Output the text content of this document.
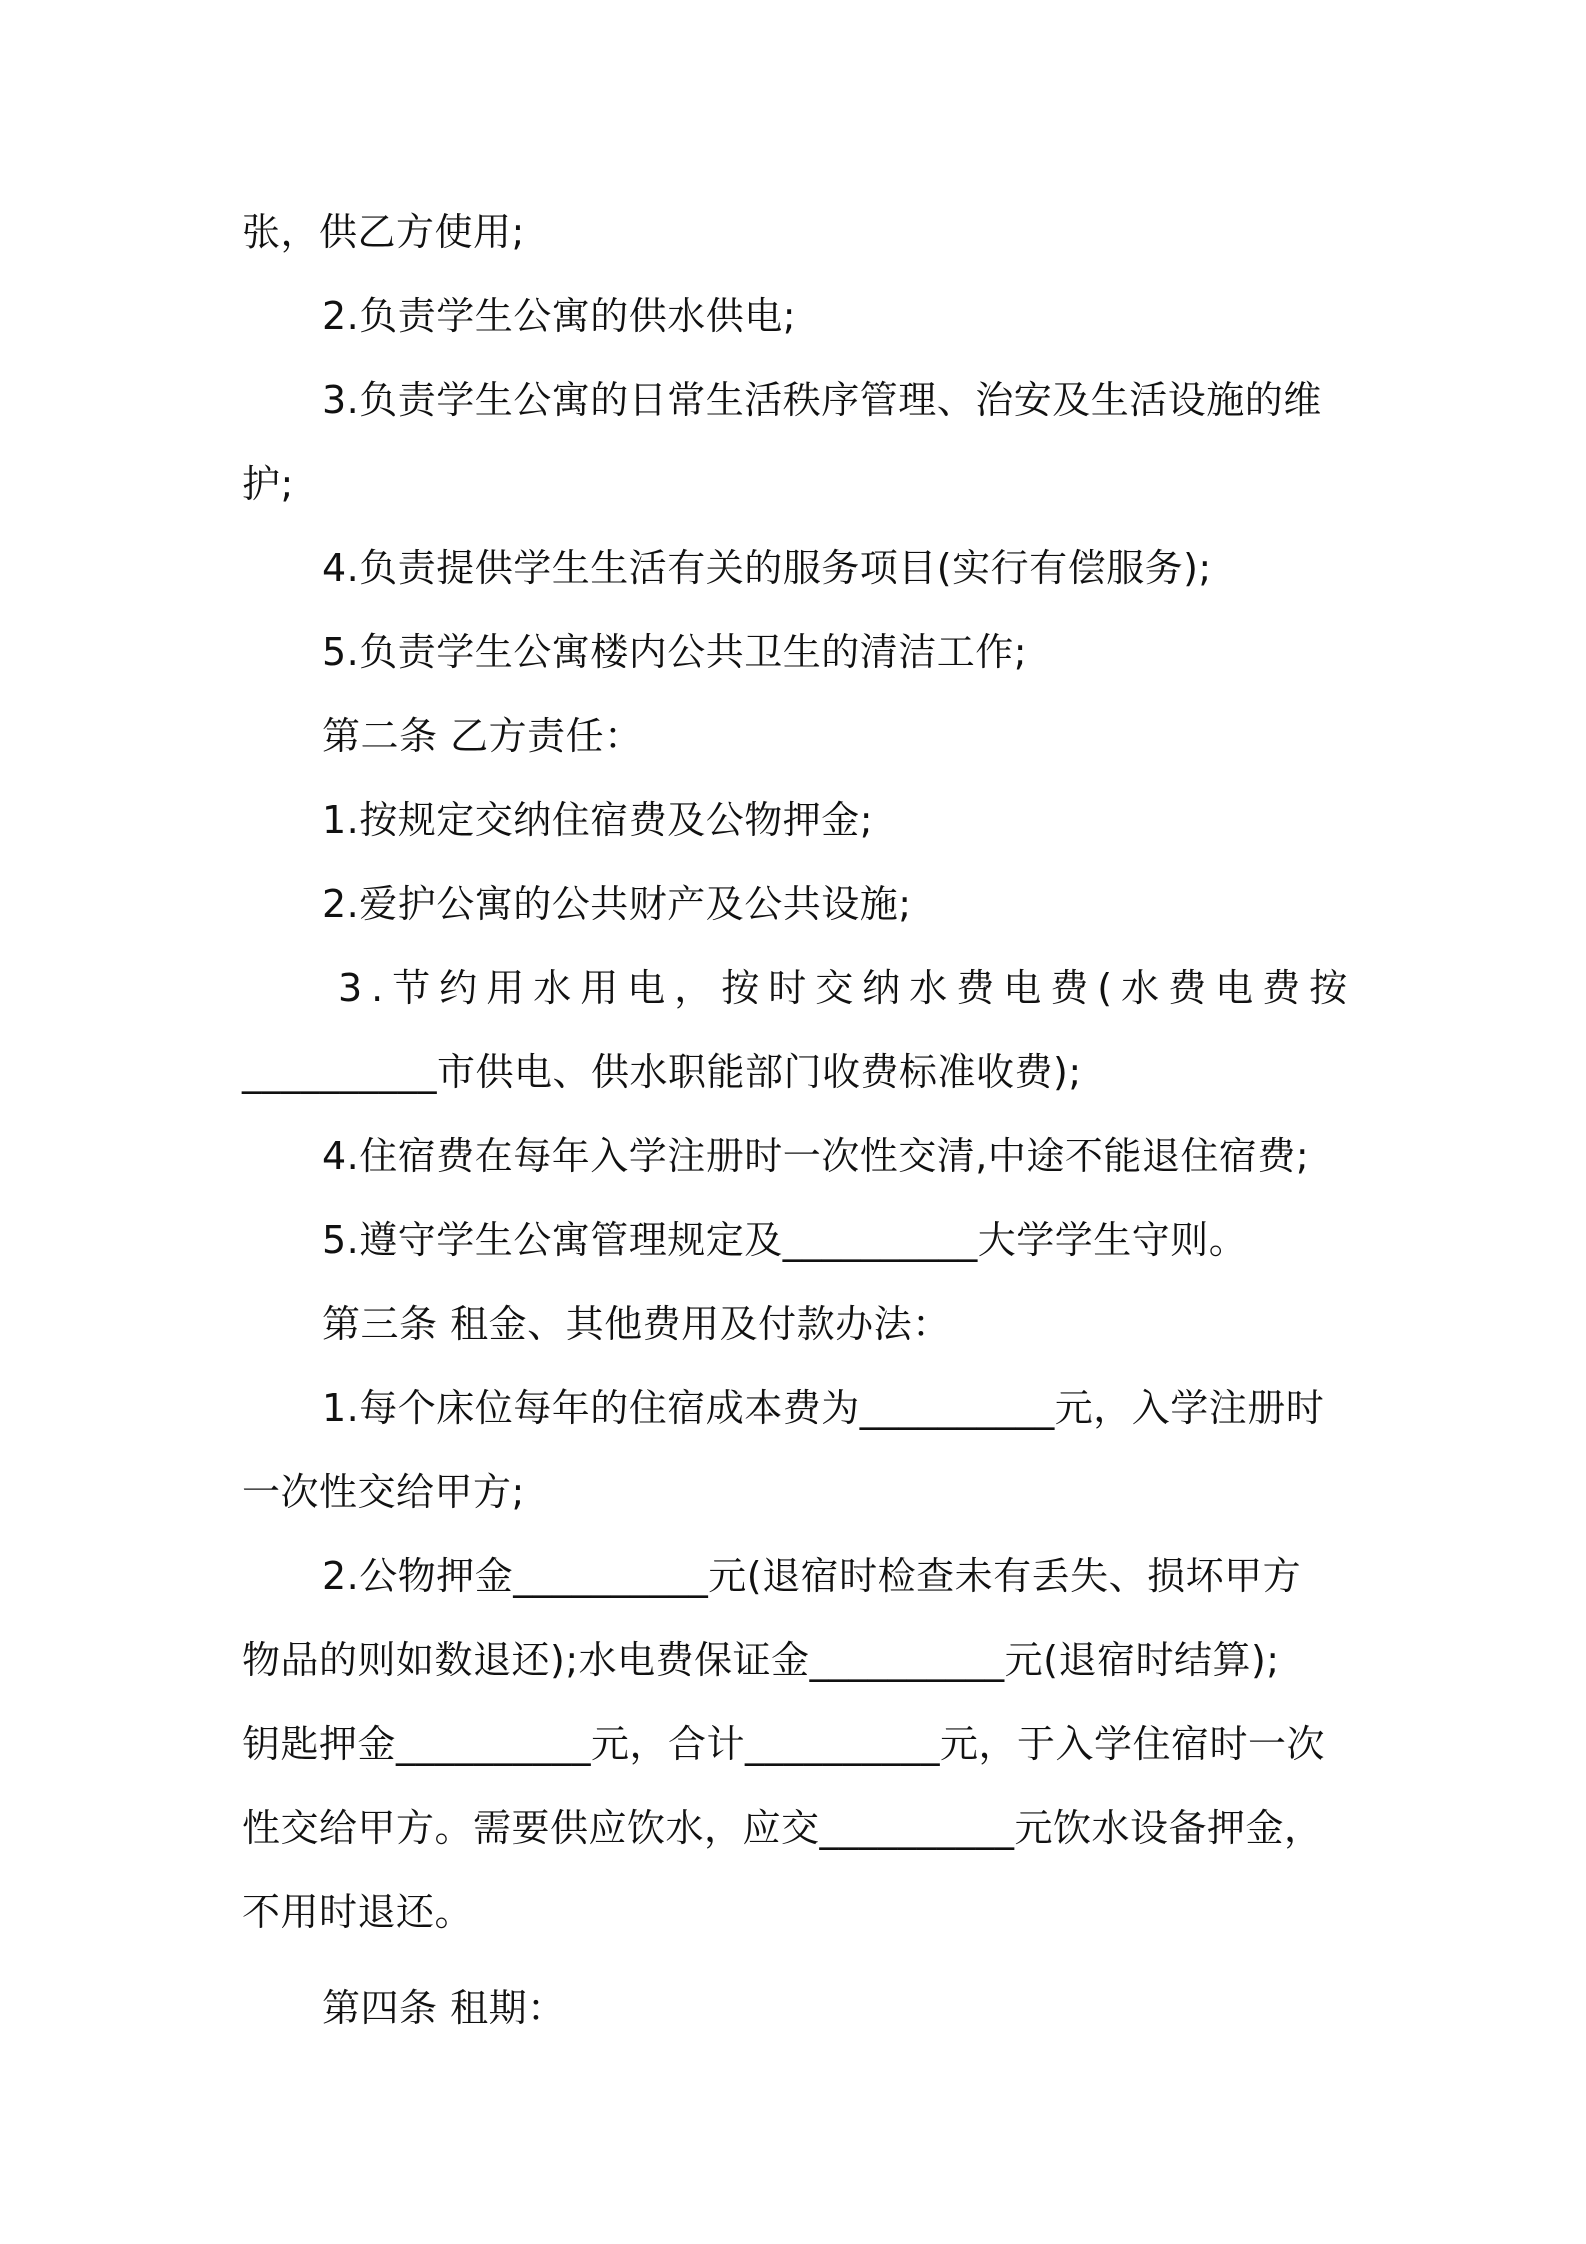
张，供乙方使用;
2.负责学生公寓的供水供电;
3.负责学生公寓的日常生活秩序管理、治安及生活设施的维
护;
4.负责提供学生生活有关的服务项目(实行有偿服务);
5.负责学生公寓楼内公共卫生的清洁工作;
第二条 乙方责任：
1.按规定交纳住宿费及公物押金;
2.爱护公寓的公共财产及公共设施;
3.节约用水用电，按时交纳水费电费(水费电费按
__________市供电、供水职能部门收费标准收费);
4.住宿费在每年入学注册时一次性交清,中途不能退住宿费;
5.遵守学生公寓管理规定及__________大学学生守则。
第三条 租金、其他费用及付款办法：
1.每个床位每年的住宿成本费为__________元，入学注册时
一次性交给甲方;
2.公物押金__________元(退宿时检查未有丢失、损坏甲方
物品的则如数退还);水电费保证金__________元(退宿时结算);
钥匙押金__________元，合计__________元，于入学住宿时一次
性交给甲方。需要供应饮水，应交__________元饮水设备押金，
不用时退还。
第四条 租期：
